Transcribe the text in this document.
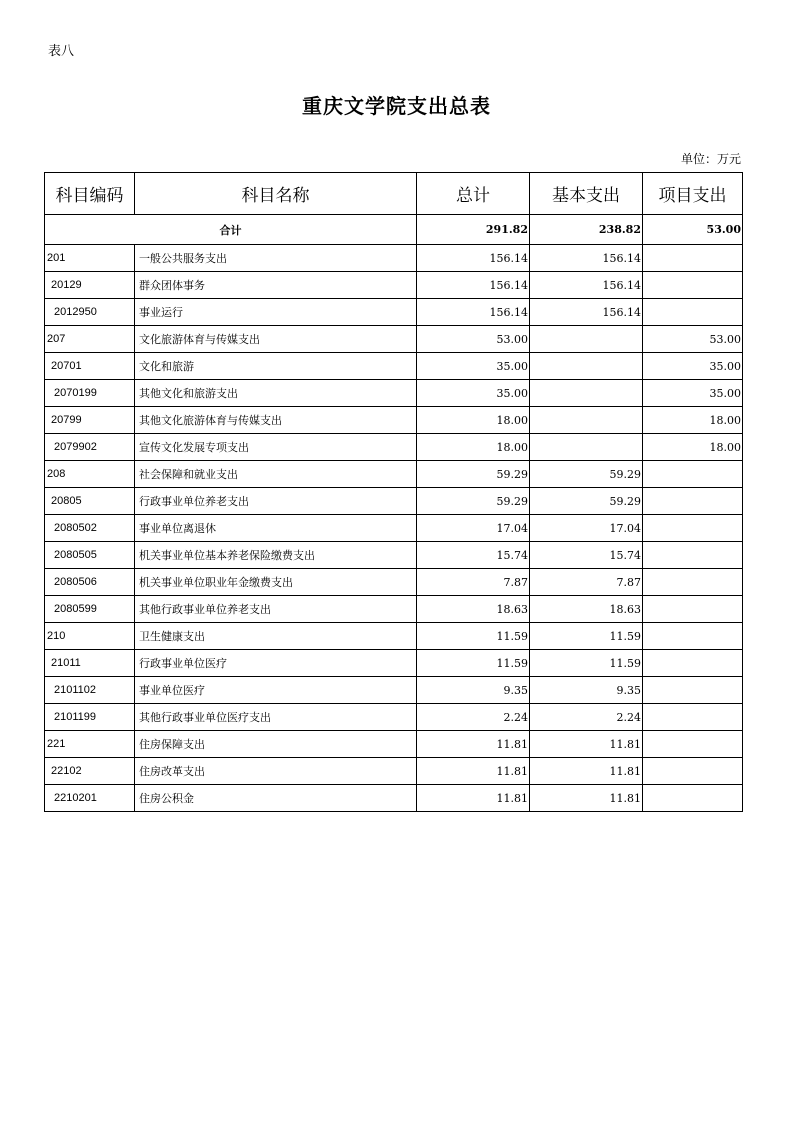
表八
重庆文学院支出总表
单位：万元
科目编码	科目名称	总计	基本支出	项目支出
合计		291.82	238.82	53.00
201	一般公共服务支出	156.14	156.14	
20129	群众团体事务	156.14	156.14	
2012950	事业运行	156.14	156.14	
207	文化旅游体育与传媒支出	53.00		53.00
20701	文化和旅游	35.00		35.00
2070199	其他文化和旅游支出	35.00		35.00
20799	其他文化旅游体育与传媒支出	18.00		18.00
2079902	宣传文化发展专项支出	18.00		18.00
208	社会保障和就业支出	59.29	59.29	
20805	行政事业单位养老支出	59.29	59.29	
2080502	事业单位离退休	17.04	17.04	
2080505	机关事业单位基本养老保险缴费支出	15.74	15.74	
2080506	机关事业单位职业年金缴费支出	7.87	7.87	
2080599	其他行政事业单位养老支出	18.63	18.63	
210	卫生健康支出	11.59	11.59	
21011	行政事业单位医疗	11.59	11.59	
2101102	事业单位医疗	9.35	9.35	
2101199	其他行政事业单位医疗支出	2.24	2.24	
221	住房保障支出	11.81	11.81	
22102	住房改革支出	11.81	11.81	
2210201	住房公积金	11.81	11.81	
